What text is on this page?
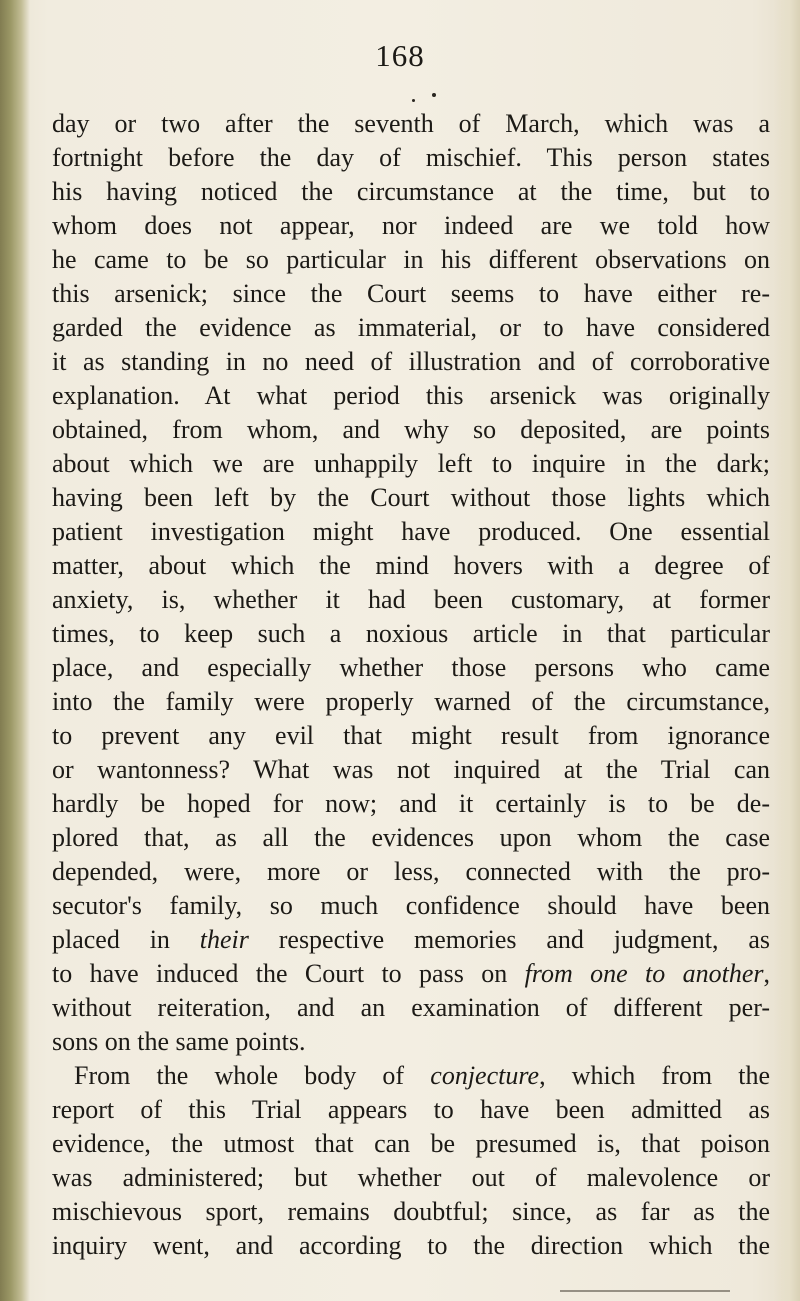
168
day or two after the seventh of March, which was a
fortnight before the day of mischief. This person states
his having noticed the circumstance at the time, but to
whom does not appear, nor indeed are we told how
he came to be so particular in his different observations on
this arsenick; since the Court seems to have either re-
garded the evidence as immaterial, or to have considered
it as standing in no need of illustration and of corroborative
explanation. At what period this arsenick was originally
obtained, from whom, and why so deposited, are points
about which we are unhappily left to inquire in the dark;
having been left by the Court without those lights which
patient investigation might have produced. One essential
matter, about which the mind hovers with a degree of
anxiety, is, whether it had been customary, at former
times, to keep such a noxious article in that particular
place, and especially whether those persons who came
into the family were properly warned of the circumstance,
to prevent any evil that might result from ignorance
or wantonness? What was not inquired at the Trial can
hardly be hoped for now; and it certainly is to be de-
plored that, as all the evidences upon whom the case
depended, were, more or less, connected with the pro-
secutor's family, so much confidence should have been
placed in their respective memories and judgment, as
to have induced the Court to pass on from one to another,
without reiteration, and an examination of different per-
sons on the same points.
From the whole body of conjecture, which from the
report of this Trial appears to have been admitted as
evidence, the utmost that can be presumed is, that poison
was administered; but whether out of malevolence or
mischievous sport, remains doubtful; since, as far as the
inquiry went, and according to the direction which the
